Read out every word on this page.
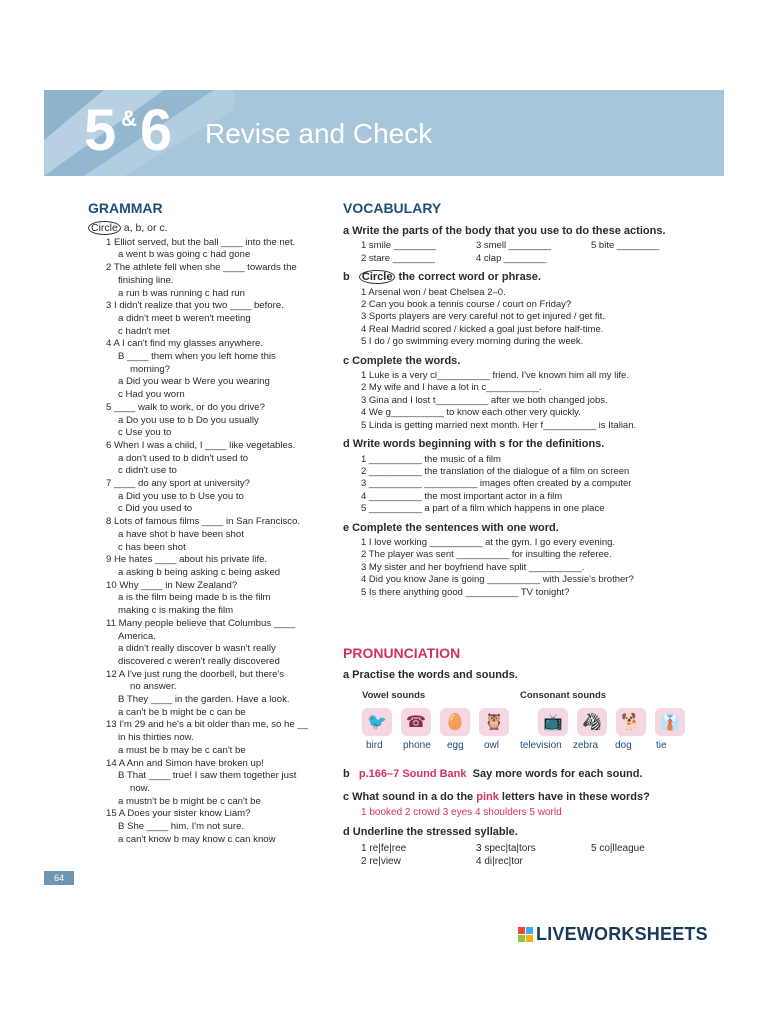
5 & 6 Revise and Check
GRAMMAR
Circle a, b, or c.
1 Elliot served, but the ball ____ into the net.
a went b was going c had gone
2 The athlete fell when she ____ towards the
finishing line.
a run b was running c had run
3 I didn't realize that you two ____ before.
a didn't meet b weren't meeting
c hadn't met
4 A I can't find my glasses anywhere.
B ____ them when you left home this
morning?
a Did you wear b Were you wearing
c Had you worn
5 ____ walk to work, or do you drive?
a Do you use to b Do you usually
c Use you to
6 When I was a child, I ____ like vegetables.
a don't used to b didn't used to
c didn't use to
7 ____ do any sport at university?
a Did you use to b Use you to
c Did you used to
8 Lots of famous films ____ in San Francisco.
a have shot b have been shot
c has been shot
9 He hates ____ about his private life.
a asking b being asking c being asked
10 Why ____ in New Zealand?
a is the film being made b is the film
making c is making the film
11 Many people believe that Columbus ____
America.
a didn't really discover b wasn't really
discovered c weren't really discovered
12 A I've just rung the doorbell, but there's
no answer.
B They ____ in the garden. Have a look.
a can't be b might be c can be
13 I'm 29 and he's a bit older than me, so he __
in his thirties now.
a must be b may be c can't be
14 A Ann and Simon have broken up!
B That ____ true! I saw them together just
now.
a mustn't be b might be c can't be
15 A Does your sister know Liam?
B She ____ him. I'm not sure.
a can't know b may know c can know
VOCABULARY
a Write the parts of the body that you use to do these actions.
1 smile ________	3 smell ________	5 bite ________
2 stare ________	4 clap ________
b Circle the correct word or phrase.
1 Arsenal won / beat Chelsea 2–0.
2 Can you book a tennis course / court on Friday?
3 Sports players are very careful not to get injured / get fit.
4 Real Madrid scored / kicked a goal just before half-time.
5 I do / go swimming every morning during the week.
c Complete the words.
1 Luke is a very cl__________ friend. I've known him all my life.
2 My wife and I have a lot in c__________.
3 Gina and I lost t__________ after we both changed jobs.
4 We g__________ to know each other very quickly.
5 Linda is getting married next month. Her f__________ is Italian.
d Write words beginning with s for the definitions.
1 __________ the music of a film
2 __________ the translation of the dialogue of a film on screen
3 __________ __________ images often created by a computer
4 __________ the most important actor in a film
5 __________ a part of a film which happens in one place
e Complete the sentences with one word.
1 I love working __________ at the gym. I go every evening.
2 The player was sent __________ for insulting the referee.
3 My sister and her boyfriend have split __________.
4 Did you know Jane is going __________ with Jessie's brother?
5 Is there anything good __________ TV tonight?
PRONUNCIATION
a Practise the words and sounds.
Vowel sounds	Consonant sounds
🐦	☎	🥚	🦉	📺	🦓	🐕	👔
bird phone egg owl television zebra dog tie
b p.166–7 Sound Bank Say more words for each sound.
c What sound in a do the pink letters have in these words?
1 booked 2 crowd 3 eyes 4 shoulders 5 world
d Underline the stressed syllable.
1 re|fe|ree	3 spec|ta|tors	5 co|lleague
2 re|view	4 di|rec|tor
64
LIVEWORKSHEETS
